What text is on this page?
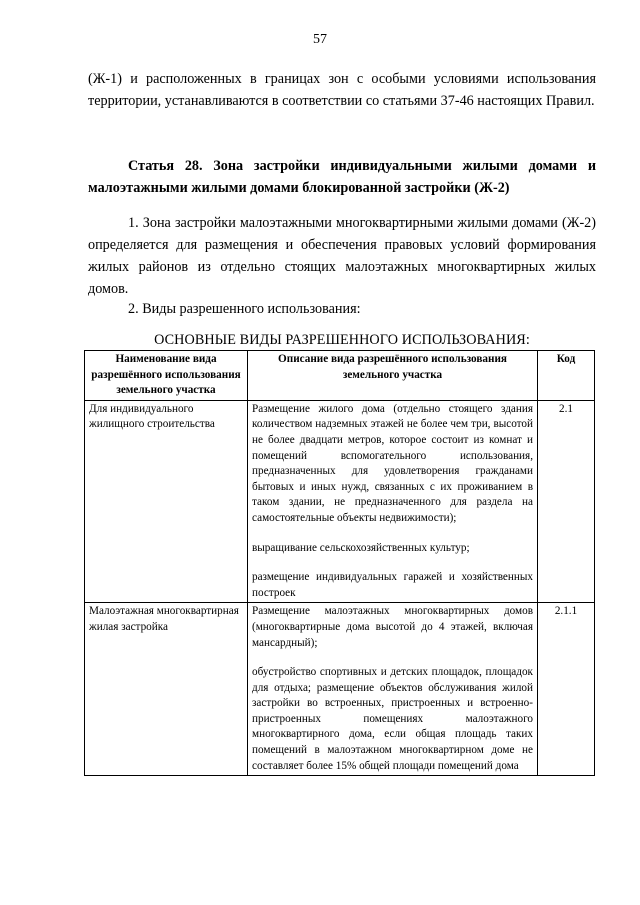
57
(Ж-1) и расположенных в границах зон с особыми условиями использования территории, устанавливаются в соответствии со статьями 37-46 настоящих Правил.
Статья 28. Зона застройки индивидуальными жилыми домами и малоэтажными жилыми домами блокированной застройки (Ж-2)
1. Зона застройки малоэтажными многоквартирными жилыми домами (Ж-2) определяется для размещения и обеспечения правовых условий формирования жилых районов из отдельно стоящих малоэтажных многоквартирных жилых домов.
2. Виды разрешенного использования:
ОСНОВНЫЕ ВИДЫ РАЗРЕШЕННОГО ИСПОЛЬЗОВАНИЯ:
Наименование вида разрешённого использования земельного участка	Описание вида разрешённого использования земельного участка	Код
Для индивидуального жилищного строительства	Размещение жилого дома (отдельно стоящего здания количеством надземных этажей не более чем три, высотой не более двадцати метров, которое состоит из комнат и помещений вспомогательного использования, предназначенных для удовлетворения гражданами бытовых и иных нужд, связанных с их проживанием в таком здании, не предназначенного для раздела на самостоятельные объекты недвижимости);

выращивание сельскохозяйственных культур;

размещение индивидуальных гаражей и хозяйственных построек	2.1
Малоэтажная многоквартирная жилая застройка	Размещение малоэтажных многоквартирных домов (многоквартирные дома высотой до 4 этажей, включая мансардный);

обустройство спортивных и детских площадок, площадок для отдыха; размещение объектов обслуживания жилой застройки во встроенных, пристроенных и встроенно-пристроенных помещениях малоэтажного многоквартирного дома, если общая площадь таких помещений в малоэтажном многоквартирном доме не составляет более 15% общей площади помещений дома	2.1.1
